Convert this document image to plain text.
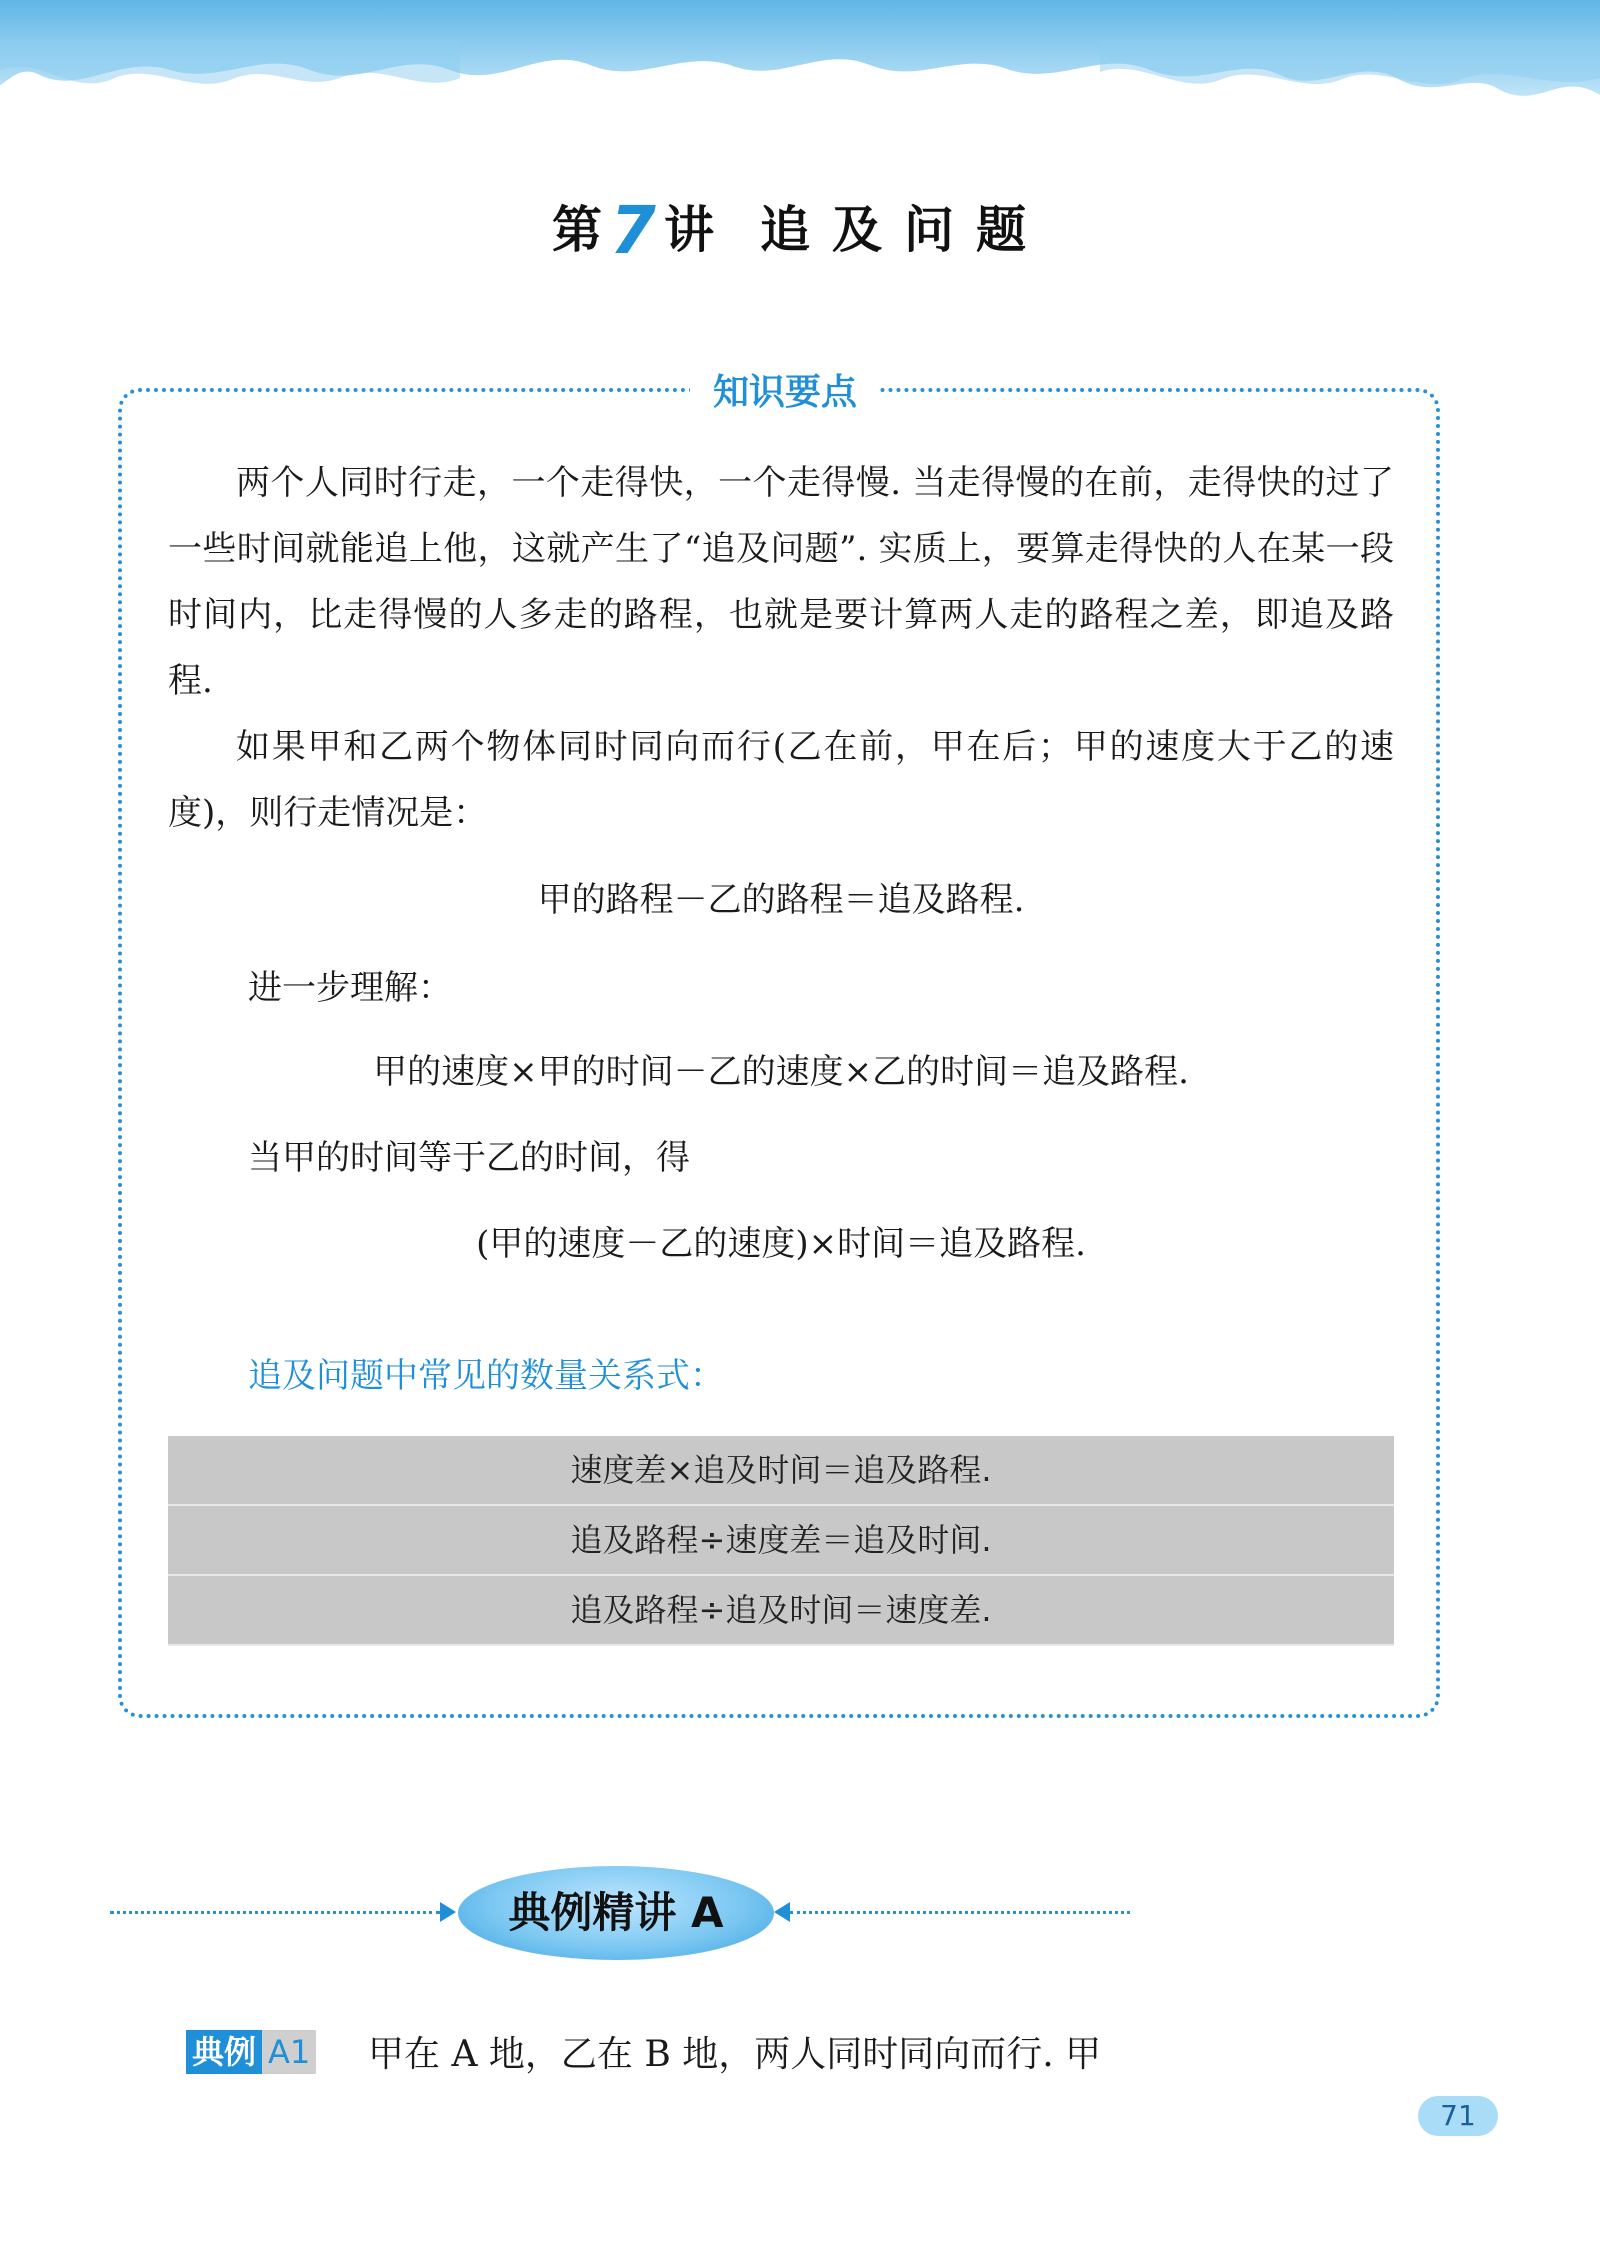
第7 讲 追及问题
知识要点

两个人同时行走，一个走得快，一个走得慢. 当走得慢的在前，走得快的过了一些时间就能追上他，这就产生了“追及问题”. 实质上，要算走得快的人在某一段时间内，比走得慢的人多走的路程，也就是要计算两人走的路程之差，即追及路程.

如果甲和乙两个物体同时同向而行(乙在前，甲在后；甲的速度大于乙的速度)，则行走情况是：

甲的路程－乙的路程＝追及路程.
进一步理解：
甲的速度×甲的时间－乙的速度×乙的时间＝追及路程.
当甲的时间等于乙的时间，得
(甲的速度－乙的速度)×时间＝追及路程.
追及问题中常见的数量关系式：
速度差×追及时间＝追及路程.
追及路程÷速度差＝追及时间.
追及路程÷追及时间＝速度差.
典例精讲 A
典例 A1 甲在 A 地，乙在 B 地，两人同时同向而行. 甲
71
